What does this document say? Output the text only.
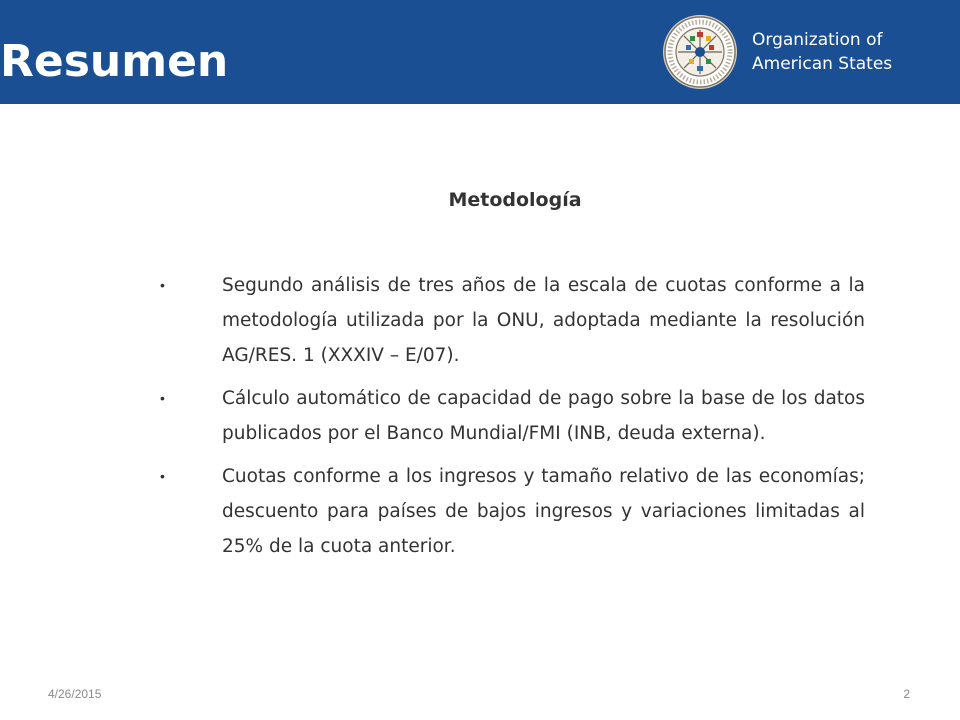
Resumen	Organization of
American States
Metodología
•	Segundo análisis de tres años de la escala de cuotas conforme a la metodología utilizada por la ONU, adoptada mediante la resolución AG/RES. 1 (XXXIV – E/07).
•	Cálculo automático de capacidad de pago sobre la base de los datos publicados por el Banco Mundial/FMI (INB, deuda externa).
•	Cuotas conforme a los ingresos y tamaño relativo de las economías; descuento para países de bajos ingresos y variaciones limitadas al 25% de la cuota anterior.
4/26/2015	2
